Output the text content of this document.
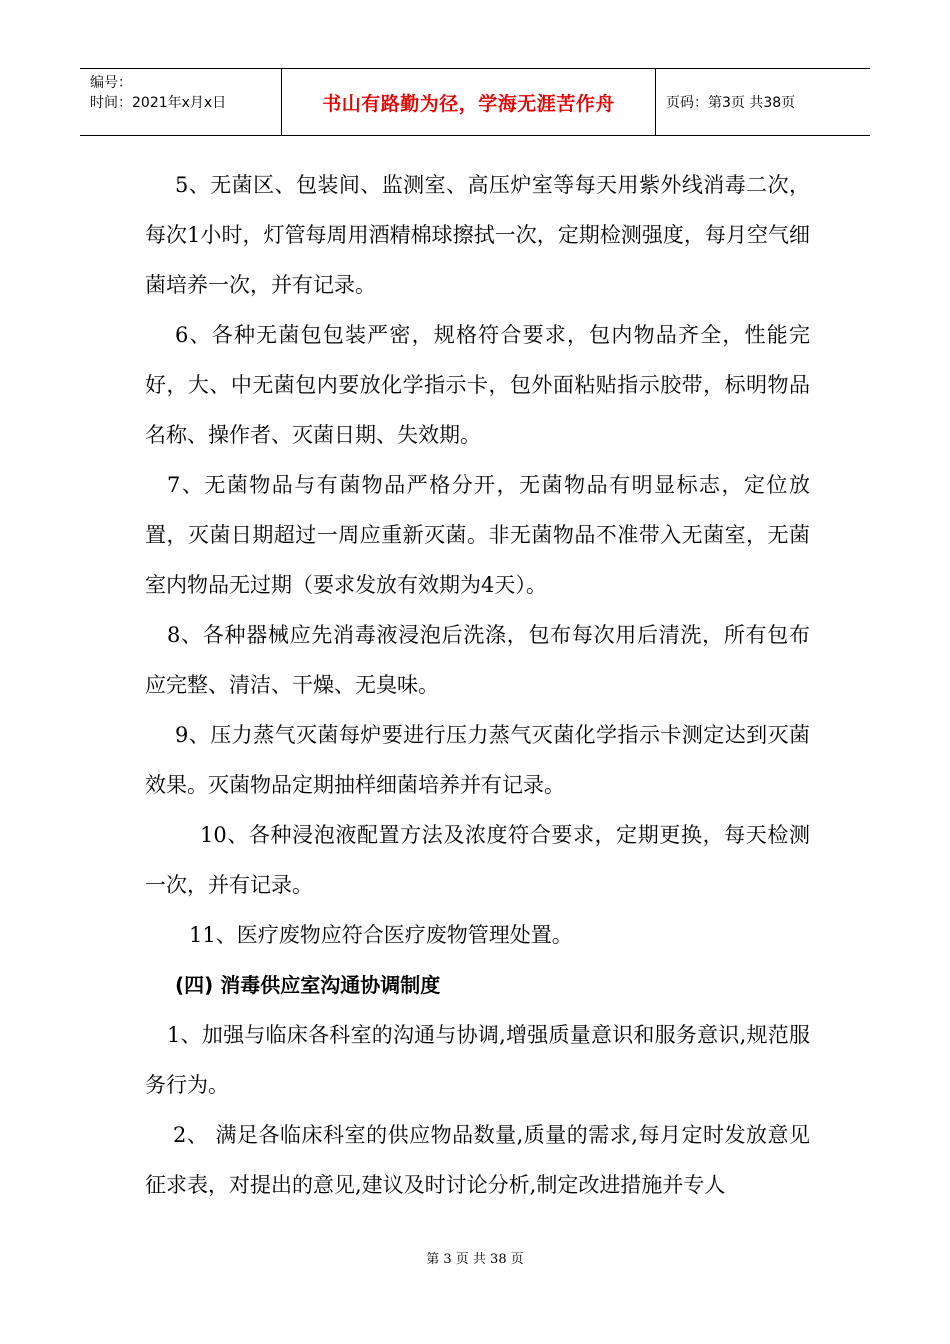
编号：
时间：2021年x月x日	书山有路勤为径，学海无涯苦作舟	页码：第3页 共38页

5、无菌区、包装间、监测室、高压炉室等每天用紫外线消毒二次，每次1小时，灯管每周用酒精棉球擦拭一次，定期检测强度，每月空气细菌培养一次，并有记录。

6、各种无菌包包装严密，规格符合要求，包内物品齐全，性能完好，大、中无菌包内要放化学指示卡，包外面粘贴指示胶带，标明物品名称、操作者、灭菌日期、失效期。

7、无菌物品与有菌物品严格分开，无菌物品有明显标志，定位放置，灭菌日期超过一周应重新灭菌。非无菌物品不准带入无菌室，无菌室内物品无过期（要求发放有效期为4天）。

8、各种器械应先消毒液浸泡后洗涤，包布每次用后清洗，所有包布应完整、清洁、干燥、无臭味。

9、压力蒸气灭菌每炉要进行压力蒸气灭菌化学指示卡测定达到灭菌效果。灭菌物品定期抽样细菌培养并有记录。

10、各种浸泡液配置方法及浓度符合要求，定期更换，每天检测一次，并有记录。

11、医疗废物应符合医疗废物管理处置。

(四) 消毒供应室沟通协调制度

1、加强与临床各科室的沟通与协调,增强质量意识和服务意识,规范服务行为。

2、 满足各临床科室的供应物品数量,质量的需求,每月定时发放意见征求表，对提出的意见,建议及时讨论分析,制定改进措施并专人

第 3 页 共 38 页
